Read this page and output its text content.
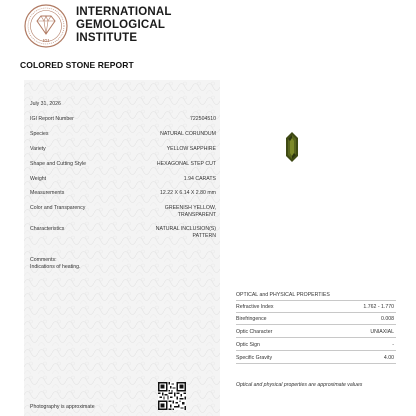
IGI
INTERNATIONAL
GEMOLOGICAL
INSTITUTE
COLORED STONE REPORT
July 31, 2026
IGI Report Number	722504510
Species	NATURAL CORUNDUM
Variety	YELLOW SAPPHIRE
Shape and Cutting Style	HEXAGONAL STEP CUT
Weight	1.94 CARATS
Measurements	12.22 X 6.14 X 2.80 mm
Color and Transparency	GREENISH YELLOW,
TRANSPARENT
Characteristics	NATURAL INCLUSION(S)
PATTERN
Comments:
Indications of heating.
OPTICAL and PHYSICAL PROPERTIES
Refractive Index	1.762 - 1.770
Birefringence	0.008
Optic Character	UNIAXIAL
Optic Sign	-
Specific Gravity	4.00
Optical and physical properties are approximate values
Photography is approximate
